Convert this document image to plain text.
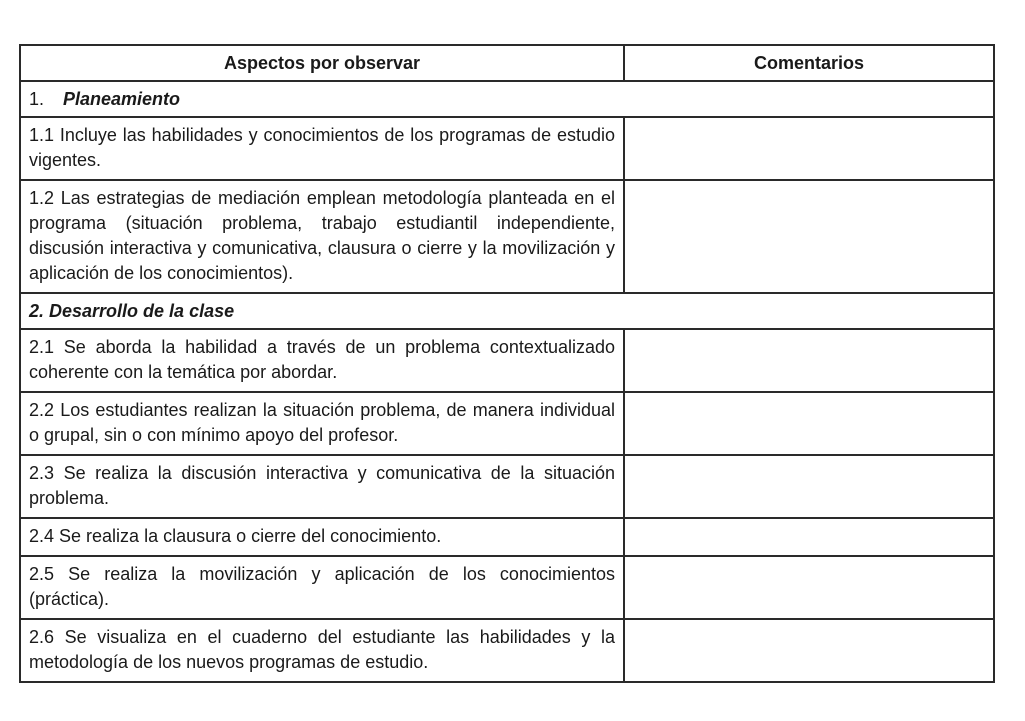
Aspectos por observar	Comentarios
1. Planeamiento	
1.1 Incluye las habilidades y conocimientos de los programas de estudio vigentes.	
1.2 Las estrategias de mediación emplean metodología planteada en el programa (situación problema, trabajo estudiantil independiente, discusión interactiva y comunicativa, clausura o cierre y la movilización y aplicación de los conocimientos).	
2. Desarrollo de la clase	
2.1 Se aborda la habilidad a través de un problema contextualizado coherente con la temática por abordar.	
2.2 Los estudiantes realizan la situación problema, de manera individual o grupal, sin o con mínimo apoyo del profesor.	
2.3 Se realiza la discusión interactiva y comunicativa de la situación problema.	
2.4 Se realiza la clausura o cierre del conocimiento.	
2.5 Se realiza la movilización y aplicación de los conocimientos (práctica).	
2.6 Se visualiza en el cuaderno del estudiante las habilidades y la metodología de los nuevos programas de estudio.	
